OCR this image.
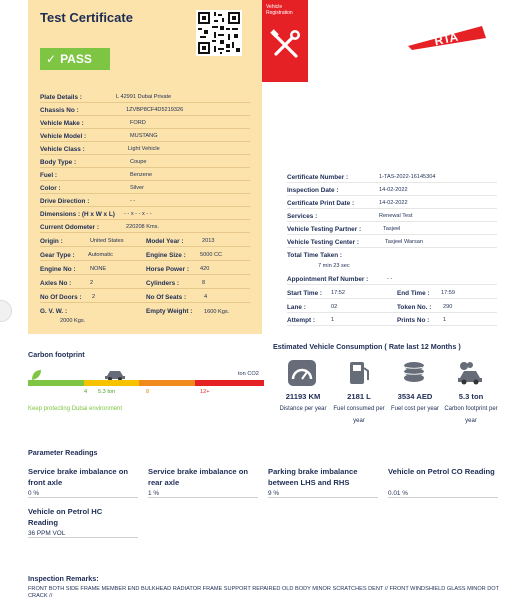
Test Certificate
✓ PASS
Vehicle
Registration
RTA
Plate Details :	L 42991 Dubai Private
Chassis No :	1ZVBP8CF4D5219326
Vehicle Make :	FORD
Vehicle Model :	MUSTANG
Vehicle Class :	Light Vehicle
Body Type :	Coupe
Fuel :	Benzene
Color :	Silver
Drive Direction :	- -
Dimensions : (H x W x L) - - x - - x - -
Current Odometer :	220208 Kms.
Origin :	United States	Model Year :	2013
Gear Type : Automatic	Engine Size :	5000 CC
Engine No :	NONE	Horse Power : 420
Axles No :	2	Cylinders :	8
No Of Doors : 2	No Of Seats :	4
G. V. W. :	Empty Weight : 1600 Kgs.
2000 Kgs.
Certificate Number :	1-TAS-2022-16145304
Inspection Date :	14-02-2022
Certificate Print Date :	14-02-2022
Services :	Renewal Test
Vehicle Testing Partner :	Tasjeel
Vehicle Testing Center :	Tasjeel Warsan
Total Time Taken :
7 min 23 sec
Appointment Ref Number :	- -
Start Time : 17:52	End Time : 17:59
Lane :	02	Token No. : 290
Attempt :	1	Prints No : 1
Carbon footprint
ton CO2
4 5.3 ton	8	12+
Keep protecting Dubai environment
Estimated Vehicle Consumption ( Rate last 12 Months )
21193 KM	2181 L	3534 AED	5.3 ton
Distance per year	Fuel consumed per year
Fuel cost per year Carbon footprint per year
Parameter Readings
Service brake imbalance on front axle
0 %
Service brake imbalance on rear axle
1 %
Parking brake imbalance between LHS and RHS
9 %
Vehicle on Petrol CO Reading
0.01 %
Vehicle on Petrol HC Reading
36 PPM VOL
Inspection Remarks:
FRONT BOTH SIDE FRAME MEMBER END BULKHEAD RADIATOR FRAME SUPPORT REPAIRED OLD BODY MINOR SCRATCHES DENT // FRONT WINDSHIELD GLASS MINOR DOT CRACK //
